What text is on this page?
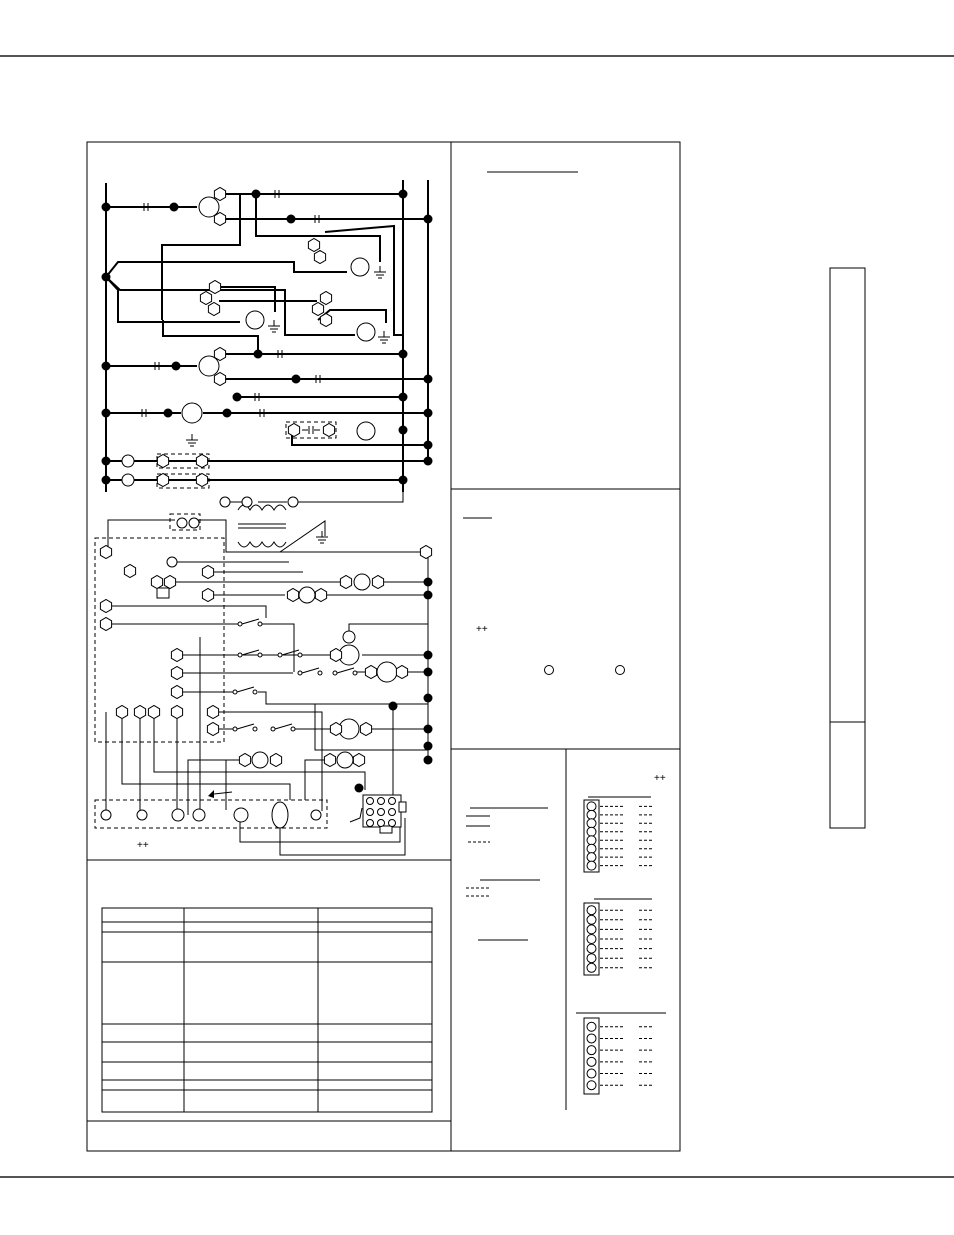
++
++
++
